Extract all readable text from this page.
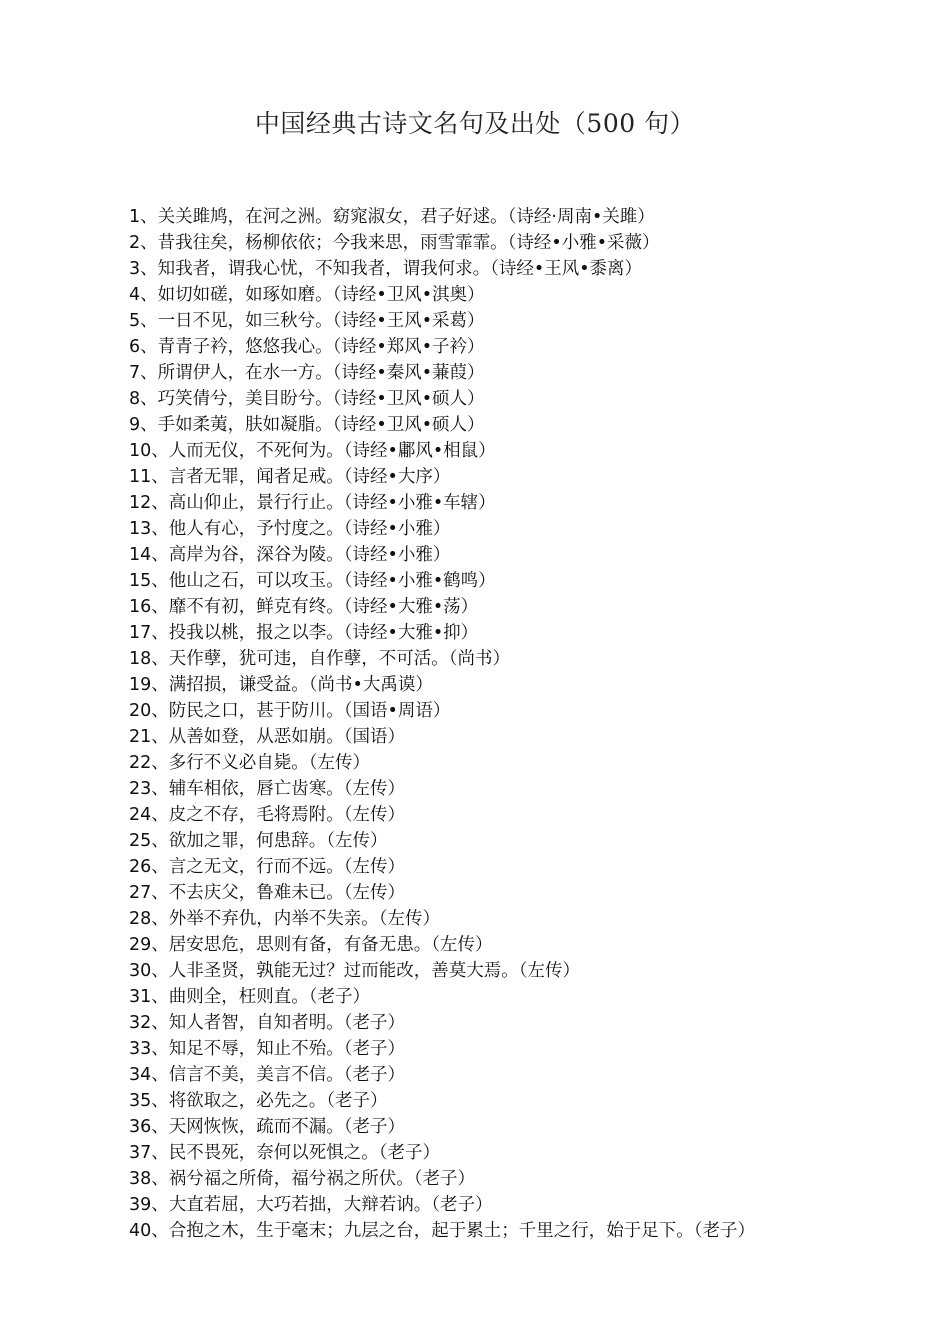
中国经典古诗文名句及出处（500 句）
1、关关雎鸠，在河之洲。窈窕淑女，君子好逑。（诗经·周南•关雎）
2、昔我往矣，杨柳依依；今我来思，雨雪霏霏。（诗经•小雅•采薇）
3、知我者，谓我心忧，不知我者，谓我何求。（诗经•王风•黍离）
4、如切如磋，如琢如磨。（诗经•卫风•淇奥）
5、一日不见，如三秋兮。（诗经•王风•采葛）
6、青青子衿，悠悠我心。（诗经•郑风•子衿）
7、所谓伊人，在水一方。（诗经•秦风•蒹葭）
8、巧笑倩兮，美目盼兮。（诗经•卫风•硕人）
9、手如柔荑，肤如凝脂。（诗经•卫风•硕人）
10、人而无仪，不死何为。（诗经•鄘风•相鼠）
11、言者无罪，闻者足戒。（诗经•大序）
12、高山仰止，景行行止。（诗经•小雅•车辖）
13、他人有心，予忖度之。（诗经•小雅）
14、高岸为谷，深谷为陵。（诗经•小雅）
15、他山之石，可以攻玉。（诗经•小雅•鹤鸣）
16、靡不有初，鲜克有终。（诗经•大雅•荡）
17、投我以桃，报之以李。（诗经•大雅•抑）
18、天作孽，犹可违，自作孽，不可活。（尚书）
19、满招损，谦受益。（尚书•大禹谟）
20、防民之口，甚于防川。（国语•周语）
21、从善如登，从恶如崩。（国语）
22、多行不义必自毙。（左传）
23、辅车相依，唇亡齿寒。（左传）
24、皮之不存，毛将焉附。（左传）
25、欲加之罪，何患辞。（左传）
26、言之无文，行而不远。（左传）
27、不去庆父，鲁难未已。（左传）
28、外举不弃仇，内举不失亲。（左传）
29、居安思危，思则有备，有备无患。（左传）
30、人非圣贤，孰能无过？过而能改，善莫大焉。（左传）
31、曲则全，枉则直。（老子）
32、知人者智，自知者明。（老子）
33、知足不辱，知止不殆。（老子）
34、信言不美，美言不信。（老子）
35、将欲取之，必先之。（老子）
36、天网恢恢，疏而不漏。（老子）
37、民不畏死，奈何以死惧之。（老子）
38、祸兮福之所倚，福兮祸之所伏。（老子）
39、大直若屈，大巧若拙，大辩若讷。（老子）
40、合抱之木，生于毫末；九层之台，起于累土；千里之行，始于足下。（老子）
